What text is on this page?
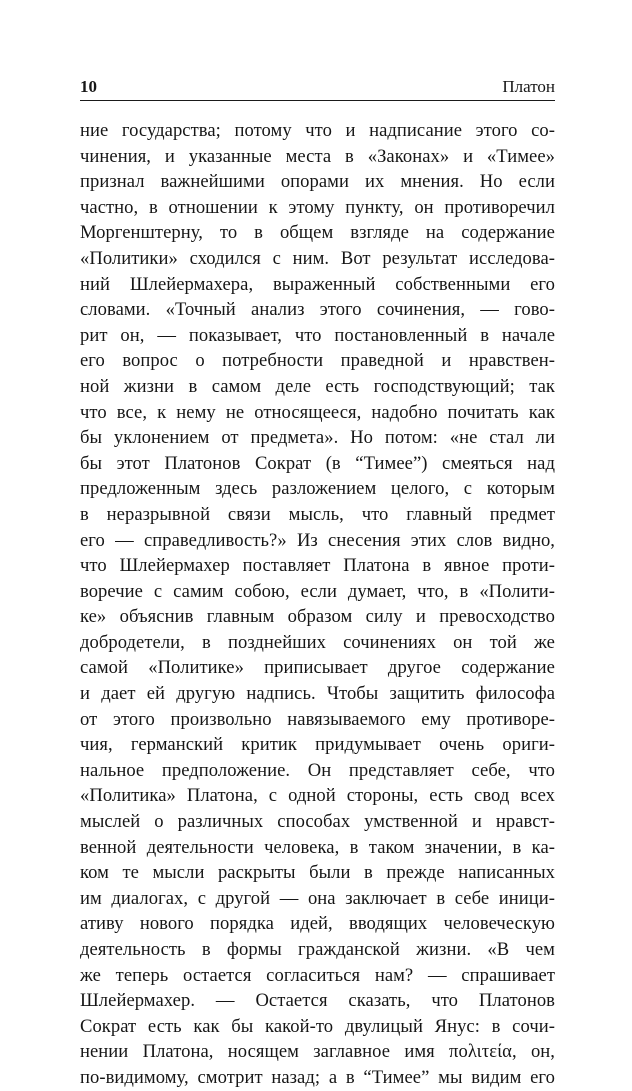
10	Платон
ние государства; потому что и надписание этого со-
чинения, и указанные места в «Законах» и «Тимее»
признал важнейшими опорами их мнения. Но если
частно, в отношении к этому пункту, он противоречил
Моргенштерну, то в общем взгляде на содержание
«Политики» сходился с ним. Вот результат исследова-
ний Шлейермахера, выраженный собственными его
словами. «Точный анализ этого сочинения, — гово-
рит он, — показывает, что постановленный в начале
его вопрос о потребности праведной и нравствен-
ной жизни в самом деле есть господствующий; так
что все, к нему не относящееся, надобно почитать как
бы уклонением от предмета». Но потом: «не стал ли
бы этот Платонов Сократ (в “Тимее”) смеяться над
предложенным здесь разложением целого, с которым
в неразрывной связи мысль, что главный предмет
его — справедливость?» Из снесения этих слов видно,
что Шлейермахер поставляет Платона в явное проти-
воречие с самим собою, если думает, что, в «Полити-
ке» объяснив главным образом силу и превосходство
добродетели, в позднейших сочинениях он той же
самой «Политике» приписывает другое содержание
и дает ей другую надпись. Чтобы защитить философа
от этого произвольно навязываемого ему противоре-
чия, германский критик придумывает очень ориги-
нальное предположение. Он представляет себе, что
«Политика» Платона, с одной стороны, есть свод всех
мыслей о различных способах умственной и нравст-
венной деятельности человека, в таком значении, в ка-
ком те мысли раскрыты были в прежде написанных
им диалогах, с другой — она заключает в себе иници-
ативу нового порядка идей, вводящих человеческую
деятельность в формы гражданской жизни. «В чем
же теперь остается согласиться нам? — спрашивает
Шлейермахер. — Остается сказать, что Платонов
Сократ есть как бы какой-то двулицый Янус: в сочи-
нении Платона, носящем заглавное имя πολιτεία, он,
по-видимому, смотрит назад; а в “Тимее” мы видим его
